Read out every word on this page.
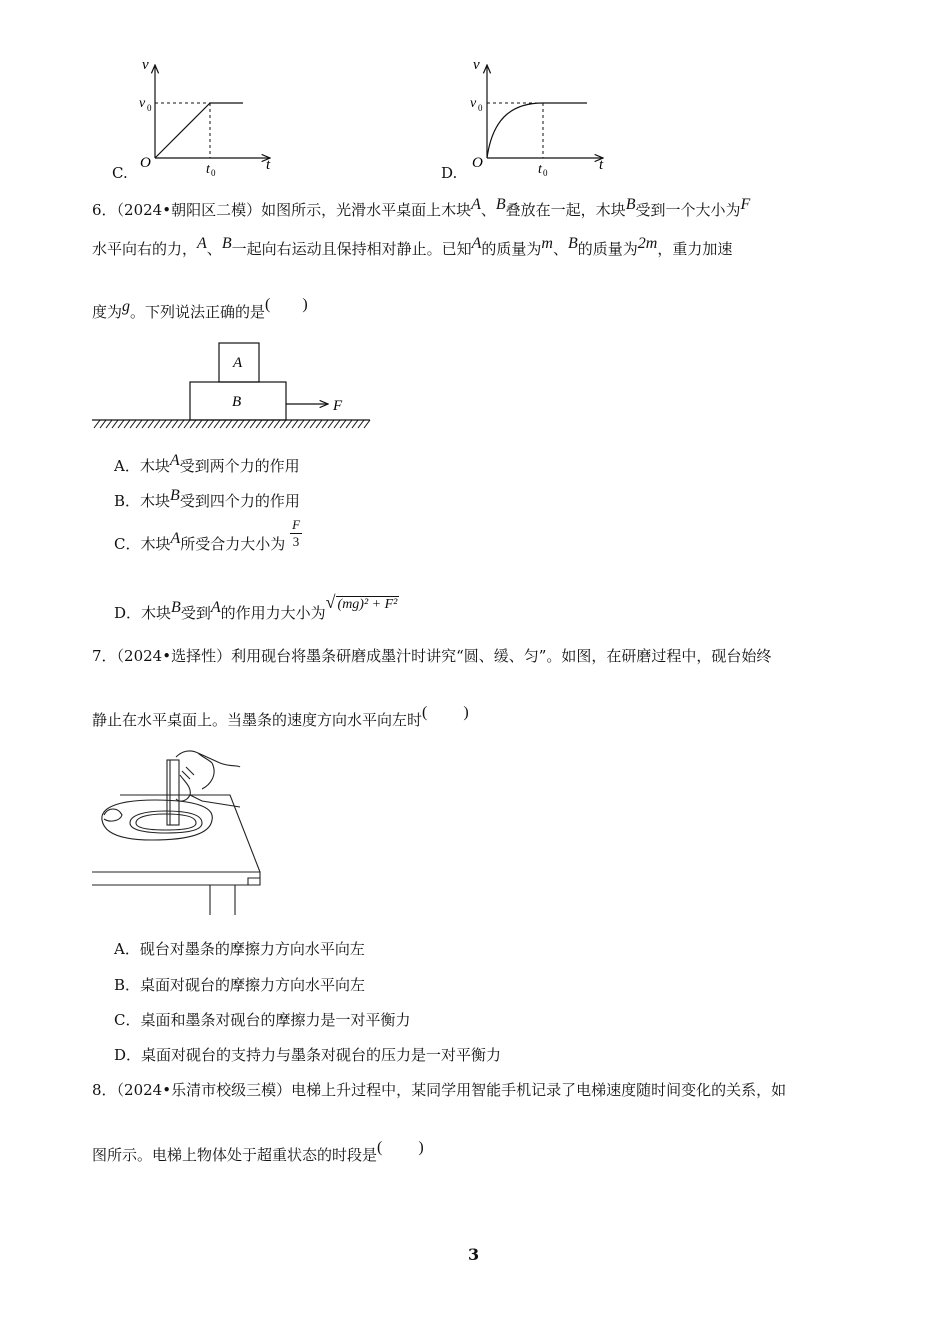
v
t
O
v 0
t 0
C.
v
t
O
v 0
t 0
D.
6．（2024•朝阳区二模）如图所示，光滑水平桌面上木块A、B叠放在一起，木块B受到一个大小为F
水平向右的力，A、B一起向右运动且保持相对静止。已知A的质量为m、B的质量为2m，重力加速
度为g。下列说法正确的是( )
A
B	F
A．木块A受到两个力的作用
B．木块B受到四个力的作用
C．木块A所受合力大小为 $\frac{F}{3}$
D．木块B受到A的作用力大小为√ (mg)² + F²
7．（2024•选择性）利用砚台将墨条研磨成墨汁时讲究“圆、缓、匀”。如图，在研磨过程中，砚台始终
静止在水平桌面上。当墨条的速度方向水平向左时( )
A．砚台对墨条的摩擦力方向水平向左
B．桌面对砚台的摩擦力方向水平向左
C．桌面和墨条对砚台的摩擦力是一对平衡力
D．桌面对砚台的支持力与墨条对砚台的压力是一对平衡力
8．（2024•乐清市校级三模）电梯上升过程中，某同学用智能手机记录了电梯速度随时间变化的关系，如
图所示。电梯上物体处于超重状态的时段是( )
3
